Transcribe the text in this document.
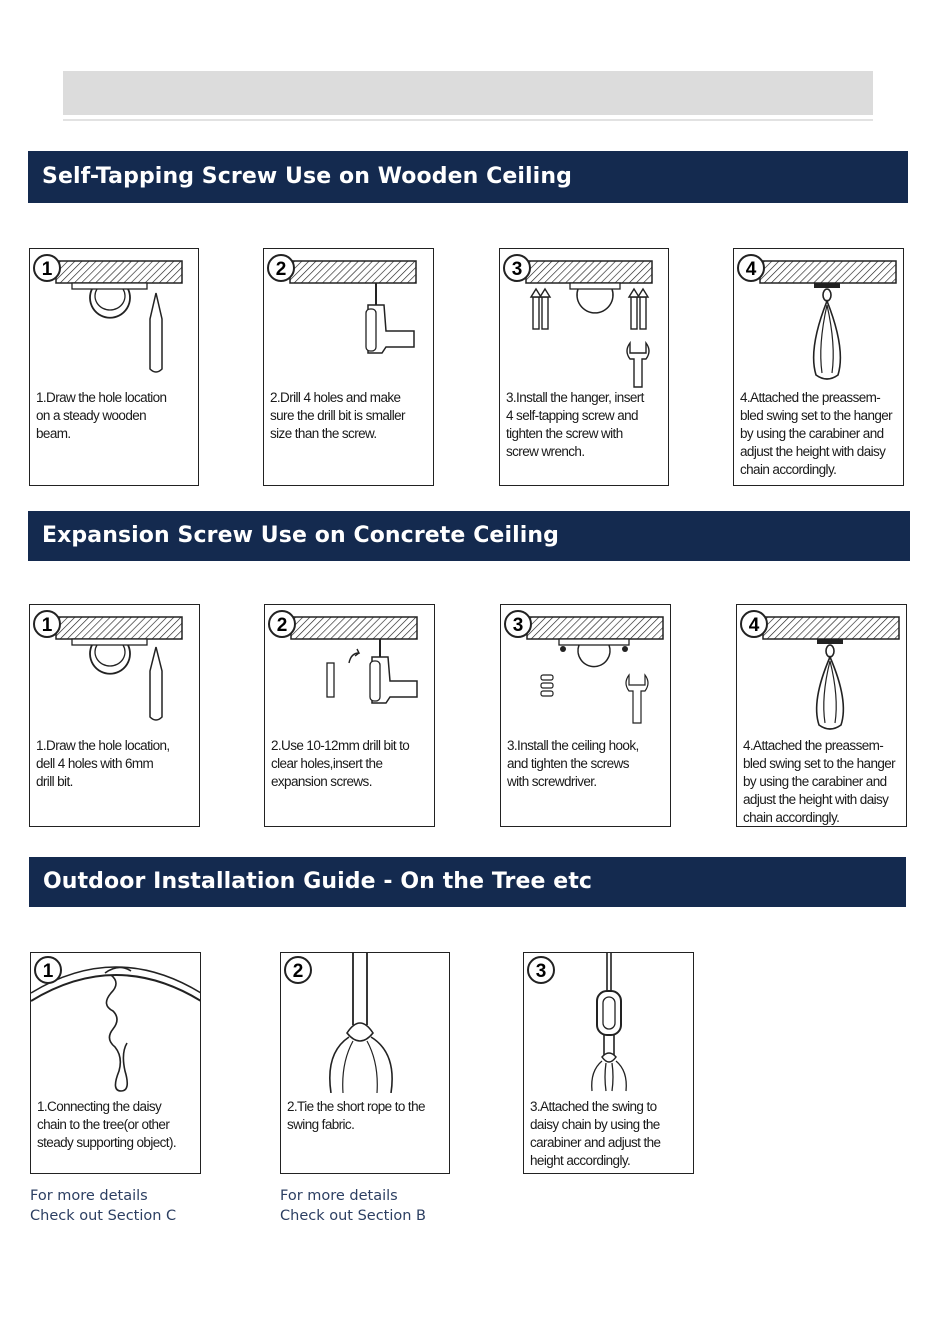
Self-Tapping Screw Use on Wooden Ceiling
1
1.Draw the hole location
on a steady wooden
beam.
2
2.Drill 4 holes and make
sure the drill bit is smaller
size than the screw.
3
3.Install the hanger, insert
4 self-tapping screw and
tighten the screw with
screw wrench.
4
4.Attached the preassem-
bled swing set to the hanger
by using the carabiner and
adjust the height with daisy
chain accordingly.
Expansion Screw Use on Concrete Ceiling
1
1.Draw the hole location,
dell 4 holes with 6mm
drill bit.
2
2.Use 10-12mm drill bit to
clear holes,insert the
expansion screws.
3
3.Install the ceiling hook,
and tighten the screws
with screwdriver.
4
4.Attached the preassem-
bled swing set to the hanger
by using the carabiner and
adjust the height with daisy
chain accordingly.
Outdoor Installation Guide - On the Tree etc
1
1.Connecting the daisy
chain to the tree(or other
steady supporting object).
2
2.Tie the short rope to the
swing fabric.
3
3.Attached the swing to
daisy chain by using the
carabiner and adjust the
height accordingly.
For more details
Check out Section C
For more details
Check out Section B
